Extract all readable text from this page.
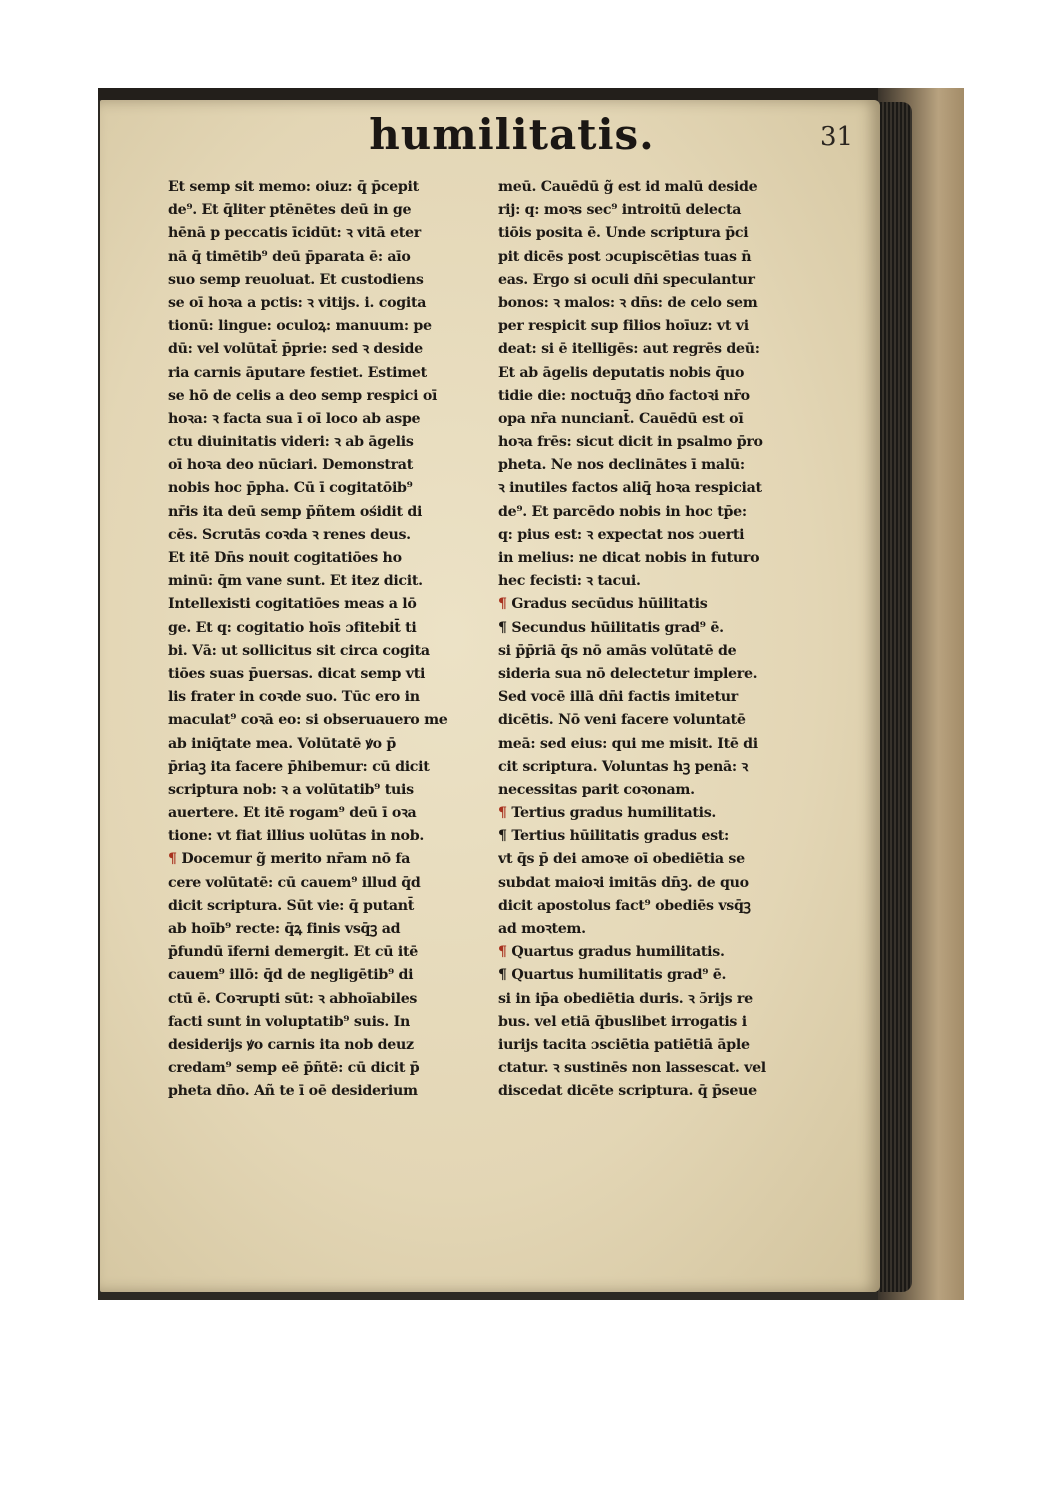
humilitatis.	31
Et semp sit memo: oiuz: q̄ p̄cepit
de⁹. Et q̄liter ptēnētes deū in ge
hēnā p peccatis īcidūt: ꝛ vitā eter
nā q̄ timētib⁹ deū p̄parata ē: aīo
suo semp reuoluat. Et custodiens
se oī hoꝛa a pctis: ꝛ vitijs. i. cogita
tionū: lingue: oculoꝝ: manuum: pe
dū: vel volūtat̄ p̄prie: sed ꝛ deside
ria carnis āputare festiet. Estimet
se hō de celis a deo semp respici oī
hoꝛa: ꝛ facta sua ī oī loco ab aspe
ctu diuinitatis videri: ꝛ ab āgelis
oī hoꝛa deo nūciari. Demonstrat
nobis hoc p̄pha. Cū ī cogitatōib⁹
nr̄is ita deū semp p̄ñtem ośidit di
cēs. Scrutās coꝛda ꝛ renes deus.
Et itē Dn̄s nouit cogitatiōes ho
minū: q̄m vane sunt. Et itez dicit.
Intellexisti cogitatiōes meas a lō
ge. Et q: cogitatio hoīs ɔfitebit̄ ti
bi. Vā: ut sollicitus sit circa cogita
tiōes suas p̄uersas. dicat semp vti
lis frater in coꝛde suo. Tūc ero in
maculat⁹ coꝛā eo: si obseruauero me
ab iniq̄tate mea. Volūtatē ꝟo p̄
p̄riaꝫ ita facere p̄hibemur: cū dicit
scriptura nob: ꝛ a volūtatib⁹ tuis
auertere. Et itē rogam⁹ deū ī oꝛa
tione: vt fiat illius uolūtas in nob.
¶ Docemur g̃ merito nr̄am nō fa
cere volūtatē: cū cauem⁹ illud q̄d
dicit scriptura. Sūt vie: q̄ putant̄
ab hoīb⁹ recte: q̄ꝝ finis vsq̄ꝫ ad
p̄fundū īferni demergit. Et cū itē
cauem⁹ illō: q̄d de negligētib⁹ di
ctū ē. Coꝛrupti sūt: ꝛ abhoīabiles
facti sunt in voluptatib⁹ suis. In
desiderijs ꝟo carnis ita nob deuz
credam⁹ semp eē p̄ñtē: cū dicit p̄
pheta dn̄o. Añ te ī oē desiderium
meū. Cauēdū g̃ est id malū deside
rij: q: moꝛs sec⁹ introitū delecta
tiōis posita ē. Unde scriptura p̄ci
pit dicēs post ɔcupiscētias tuas n̄
eas. Ergo si oculi dn̄i speculantur
bonos: ꝛ malos: ꝛ dn̄s: de celo sem
per respicit sup filios hoīuz: vt vi
deat: si ē itelligēs: aut regrēs deū:
Et ab āgelis deputatis nobis q̄uo
tidie die: noctuq̄ꝫ dn̄o factoꝛi nr̄o
opa nr̄a nunciant̄. Cauēdū est oī
hoꝛa frēs: sicut dicit in psalmo p̄ro
pheta. Ne nos declinātes ī malū:
ꝛ inutiles factos aliq̄ hoꝛa respiciat
de⁹. Et parcēdo nobis in hoc tp̄e:
q: pius est: ꝛ expectat nos ɔuerti
in melius: ne dicat nobis in futuro
hec fecisti: ꝛ tacui.
¶ Gradus secūdus hūilitatis
¶ Secundus hūilitatis grad⁹ ē.
si p̄p̄riā q̄s nō amās volūtatē de
sideria sua nō delectetur implere.
Sed vocē illā dn̄i factis imitetur
dicētis. Nō veni facere voluntatē
meā: sed eius: qui me misit. Itē di
cit scriptura. Voluntas hꝫ penā: ꝛ
necessitas parit coꝛonam.
¶ Tertius gradus humilitatis.
¶ Tertius hūilitatis gradus est:
vt q̄s p̄ dei amoꝛe oī obediētia se
subdat maioꝛi imitās dn̄ꝫ. de quo
dicit apostolus fact⁹ obediēs vsq̄ꝫ
ad moꝛtem.
¶ Quartus gradus humilitatis.
¶ Quartus humilitatis grad⁹ ē.
si in ip̄a obediētia duris. ꝛ ɔ̄rijs re
bus. vel etiā q̄buslibet irrogatis i
iurijs tacita ɔsciētia patiētiā āple
ctatur. ꝛ sustinēs non lassescat. vel
discedat dicēte scriptura. q̄ p̄seue
